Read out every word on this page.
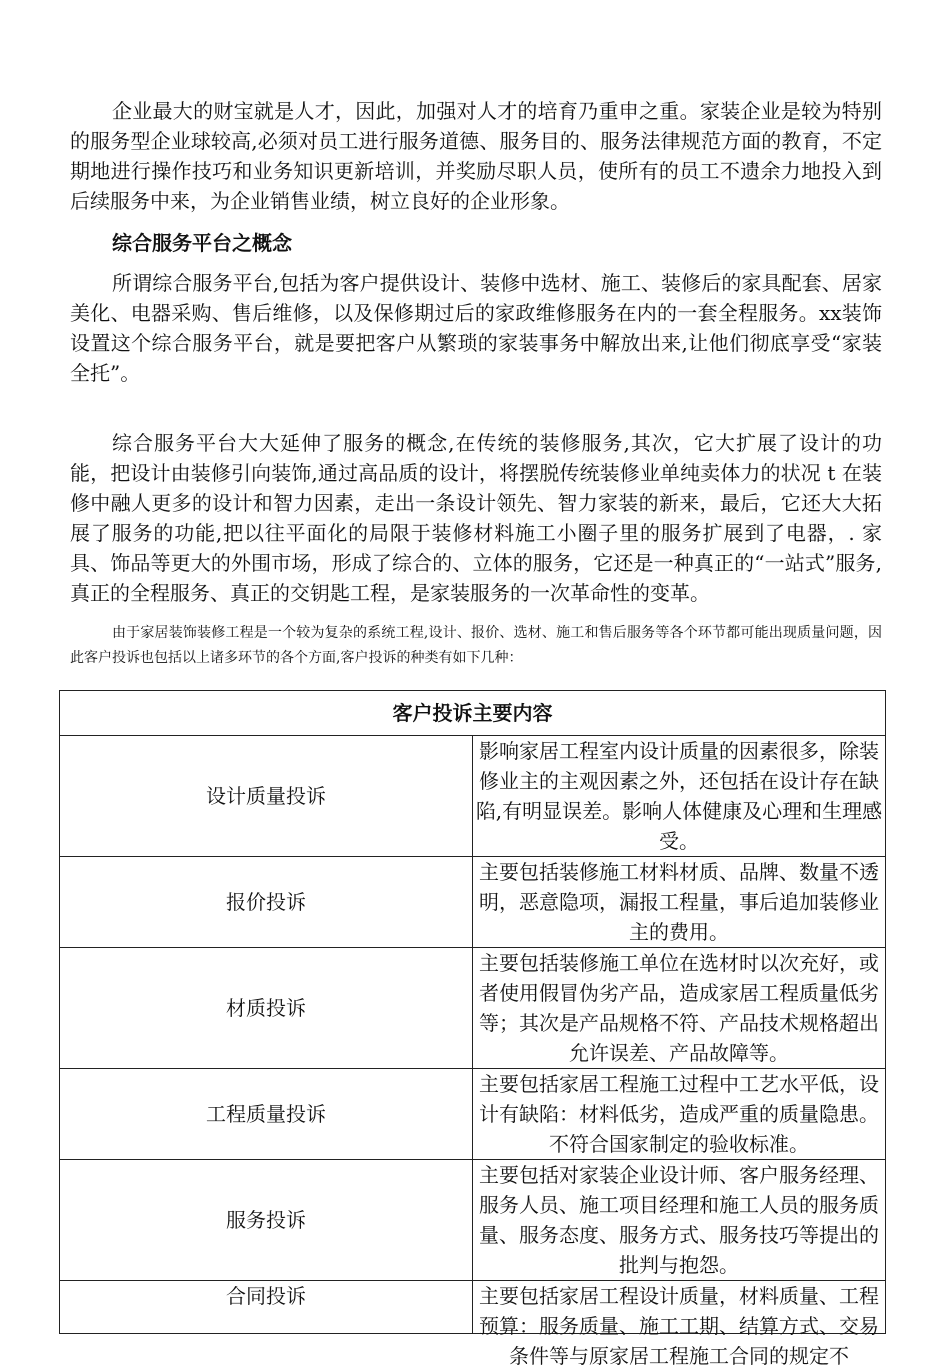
企业最大的财宝就是人才，因此，加强对人才的培育乃重申之重。家装企业是较为特别的服务型企业球较高,必须对员工进行服务道德、服务目的、服务法律规范方面的教育，不定期地进行操作技巧和业务知识更新培训，并奖励尽职人员，使所有的员工不遗余力地投入到后续服务中来，为企业销售业绩，树立良好的企业形象。

综合服务平台之概念

所谓综合服务平台,包括为客户提供设计、装修中选材、施工、装修后的家具配套、居家美化、电器采购、售后维修，以及保修期过后的家政维修服务在内的一套全程服务。xx装饰设置这个综合服务平台，就是要把客户从繁琐的家装事务中解放出来,让他们彻底享受“家装全托”。

综合服务平台大大延伸了服务的概念,在传统的装修服务,其次，它大扩展了设计的功能，把设计由装修引向装饰,通过高品质的设计，将摆脱传统装修业单纯卖体力的状况 t 在装修中融人更多的设计和智力因素，走出一条设计领先、智力家装的新来，最后，它还大大拓展了服务的功能,把以往平面化的局限于装修材料施工小圈子里的服务扩展到了电器，. 家具、饰品等更大的外围市场，形成了综合的、立体的服务，它还是一种真正的“一站式”服务,真正的全程服务、真正的交钥匙工程，是家装服务的一次革命性的变革。

由于家居装饰装修工程是一个较为复杂的系统工程,设计、报价、选材、施工和售后服务等各个环节都可能出现质量问题，因此客户投诉也包括以上诸多环节的各个方面,客户投诉的种类有如下几种：

客户投诉主要内容	
设计质量投诉	影响家居工程室内设计质量的因素很多，除装修业主的主观因素之外，还包括在设计存在缺陷,有明显误差。影响人体健康及心理和生理感受。
报价投诉	主要包括装修施工材料材质、品牌、数量不透明，恶意隐项，漏报工程量，事后追加装修业主的费用。
材质投诉	主要包括装修施工单位在选材时以次充好，或者使用假冒伪劣产品，造成家居工程质量低劣等；其次是产品规格不符、产品技术规格超出允许误差、产品故障等。
工程质量投诉	主要包括家居工程施工过程中工艺水平低，设计有缺陷：材料低劣，造成严重的质量隐患。不符合国家制定的验收标准。
服务投诉	主要包括对家装企业设计师、客户服务经理、服务人员、施工项目经理和施工人员的服务质量、服务态度、服务方式、服务技巧等提出的批判与抱怨。
合同投诉	主要包括家居工程设计质量，材料质量、工程预算：服务质量、施工工期、结算方式、交易条件等与原家居工程施工合同的规定不
